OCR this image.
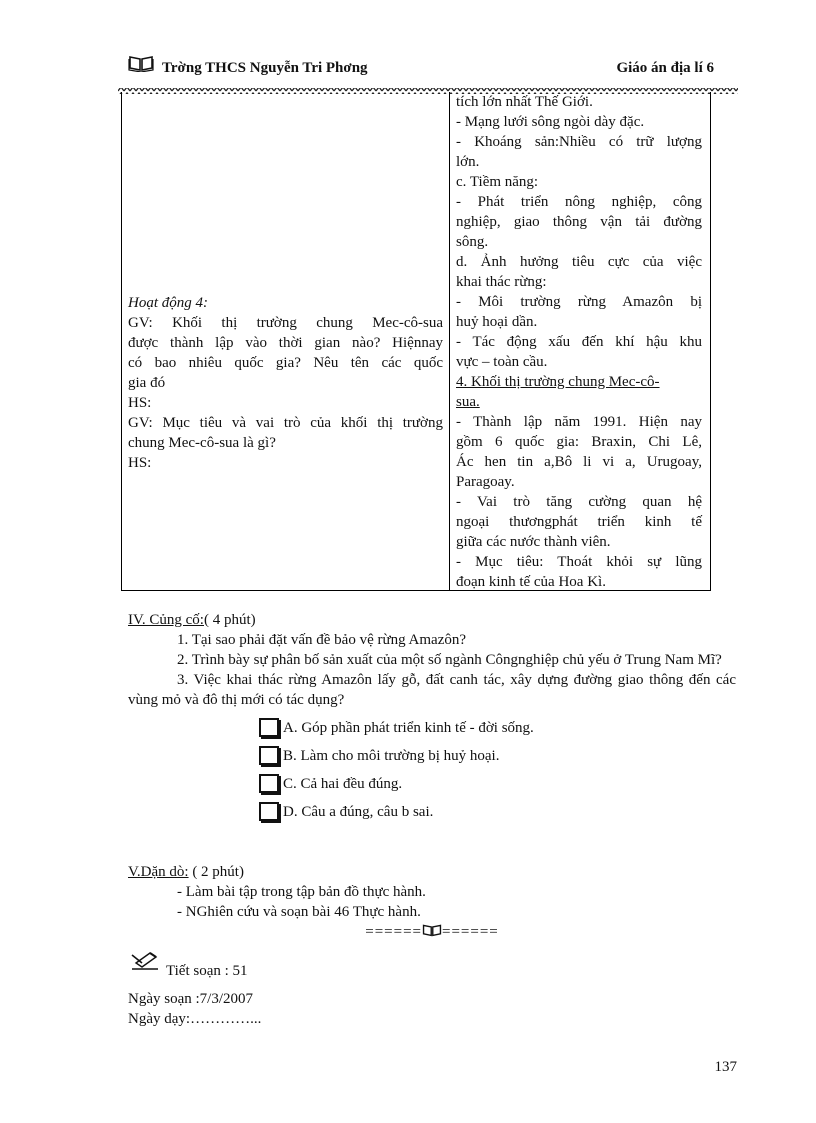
Trờng THCS Nguyễn Tri Phơng	Giáo án địa lí 6
Hoạt động 4:
GV: Khối thị trường chung Mec-cô-sua
được thành lập vào thời gian nào? Hiệnnay
có bao nhiêu quốc gia? Nêu tên các quốc
gia đó
HS:
GV: Mục tiêu và vai trò của khối thị trường
chung Mec-cô-sua là gì?
HS:
tích lớn nhất Thế Giới.
- Mạng lưới sông ngòi dày đặc.
- Khoáng sản:Nhiều có trữ lượng
lớn.
c. Tiềm năng:
- Phát triển nông nghiệp, công
nghiệp, giao thông vận tải đường
sông.
d. Ảnh hưởng tiêu cực của việc
khai thác rừng:
- Môi trường rừng Amazôn bị
huỷ hoại dần.
- Tác động xấu đến khí hậu khu
vực – toàn cầu.
4. Khối thị trường chung Mec-cô-
sua.
- Thành lập năm 1991. Hiện nay
gồm 6 quốc gia: Braxin, Chi Lê,
Ác hen tin a,Bô li vi a, Urugoay,
Paragoay.
- Vai trò tăng cường quan hệ
ngoại thươngphát triển kinh tế
giữa các nước thành viên.
- Mục tiêu: Thoát khỏi sự lũng
đoạn kinh tế của Hoa Kì.
IV. Củng cố:( 4 phút)
1. Tại sao phải đặt vấn đề bảo vệ rừng Amazôn?
2. Trình bày sự phân bố sản xuất của một số ngành Côngnghiệp chủ yếu ở Trung Nam Mĩ?
3. Việc khai thác rừng Amazôn lấy gỗ, đất canh tác, xây dựng đường giao thông đến các vùng mỏ và đô thị mới có tác dụng?
A. Góp phần phát triển kinh tế - đời sống.
B. Làm cho môi trường bị huỷ hoại.
C. Cả hai đều đúng.
D. Câu a đúng, câu b sai.
V.Dặn dò: ( 2 phút)
- Làm bài tập trong tập bản đồ thực hành.
- NGhiên cứu và soạn bài 46 Thực hành.
====== ======
Tiết soạn : 51
Ngày soạn :7/3/2007
Ngày dạy:…………...
137
